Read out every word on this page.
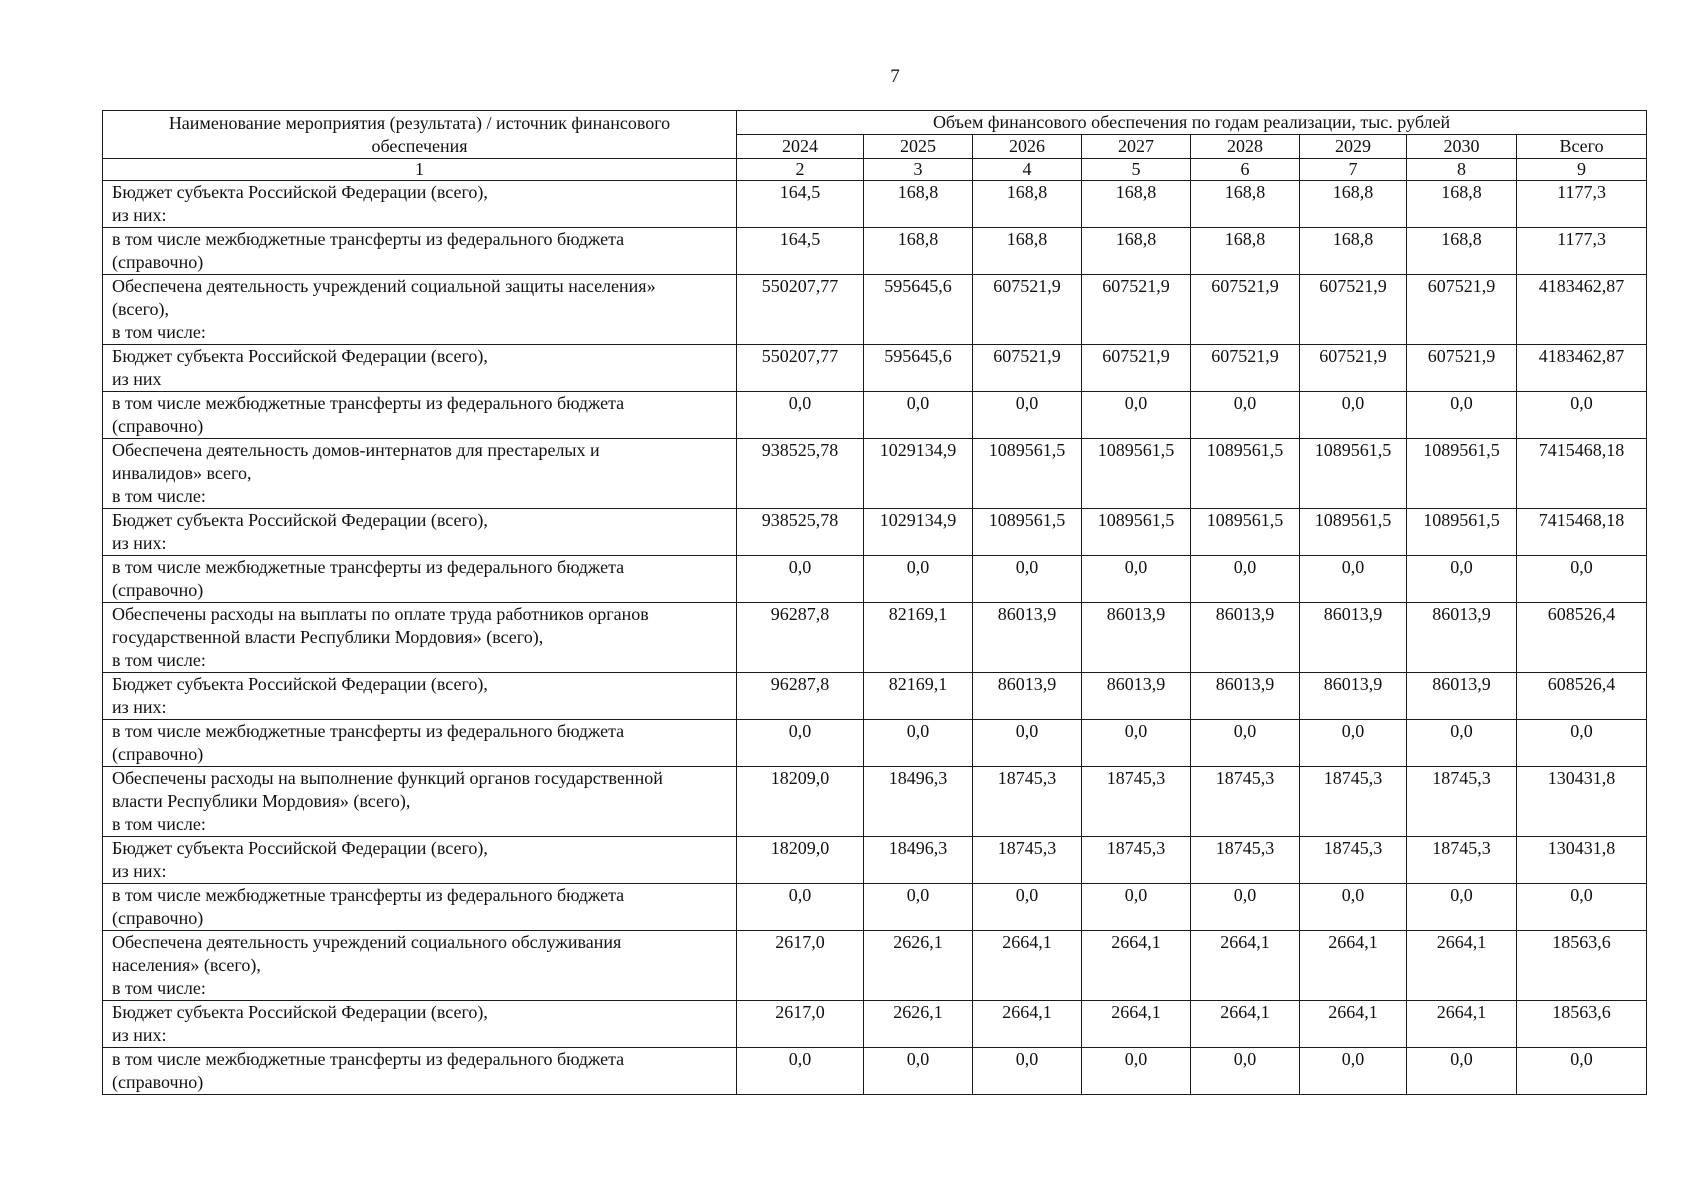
7
Наименование мероприятия (результата) / источник финансового обеспечения	Объем финансового обеспечения по годам реализации, тыс. рублей							
	2024	2025	2026	2027	2028	2029	2030	Всего
1	2	3	4	5	6	7	8	9

Бюджет субъекта Российской Федерации (всего),
из них:	164,5	168,8	168,8	168,8	168,8	168,8	168,8	1177,3

в том числе межбюджетные трансферты из федерального бюджета
(справочно)	164,5	168,8	168,8	168,8	168,8	168,8	168,8	1177,3

Обеспечена деятельность учреждений социальной защиты населения»
(всего),
в том числе:	550207,77	595645,6	607521,9	607521,9	607521,9	607521,9	607521,9	4183462,87

Бюджет субъекта Российской Федерации (всего),
из них	550207,77	595645,6	607521,9	607521,9	607521,9	607521,9	607521,9	4183462,87

в том числе межбюджетные трансферты из федерального бюджета
(справочно)	0,0	0,0	0,0	0,0	0,0	0,0	0,0	0,0

Обеспечена деятельность домов-интернатов для престарелых и
инвалидов» всего,
в том числе:	938525,78	1029134,9	1089561,5	1089561,5	1089561,5	1089561,5	1089561,5	7415468,18

Бюджет субъекта Российской Федерации (всего),
из них:	938525,78	1029134,9	1089561,5	1089561,5	1089561,5	1089561,5	1089561,5	7415468,18

в том числе межбюджетные трансферты из федерального бюджета
(справочно)	0,0	0,0	0,0	0,0	0,0	0,0	0,0	0,0

Обеспечены расходы на выплаты по оплате труда работников органов
государственной власти Республики Мордовия» (всего),
в том числе:	96287,8	82169,1	86013,9	86013,9	86013,9	86013,9	86013,9	608526,4

Бюджет субъекта Российской Федерации (всего),
из них:	96287,8	82169,1	86013,9	86013,9	86013,9	86013,9	86013,9	608526,4

в том числе межбюджетные трансферты из федерального бюджета
(справочно)	0,0	0,0	0,0	0,0	0,0	0,0	0,0	0,0

Обеспечены расходы на выполнение функций органов государственной
власти Республики Мордовия» (всего),
в том числе:	18209,0	18496,3	18745,3	18745,3	18745,3	18745,3	18745,3	130431,8

Бюджет субъекта Российской Федерации (всего),
из них:	18209,0	18496,3	18745,3	18745,3	18745,3	18745,3	18745,3	130431,8

в том числе межбюджетные трансферты из федерального бюджета
(справочно)	0,0	0,0	0,0	0,0	0,0	0,0	0,0	0,0

Обеспечена деятельность учреждений социального обслуживания
населения» (всего),
в том числе:	2617,0	2626,1	2664,1	2664,1	2664,1	2664,1	2664,1	18563,6

Бюджет субъекта Российской Федерации (всего),
из них:	2617,0	2626,1	2664,1	2664,1	2664,1	2664,1	2664,1	18563,6

в том числе межбюджетные трансферты из федерального бюджета
(справочно)	0,0	0,0	0,0	0,0	0,0	0,0	0,0	0,0
